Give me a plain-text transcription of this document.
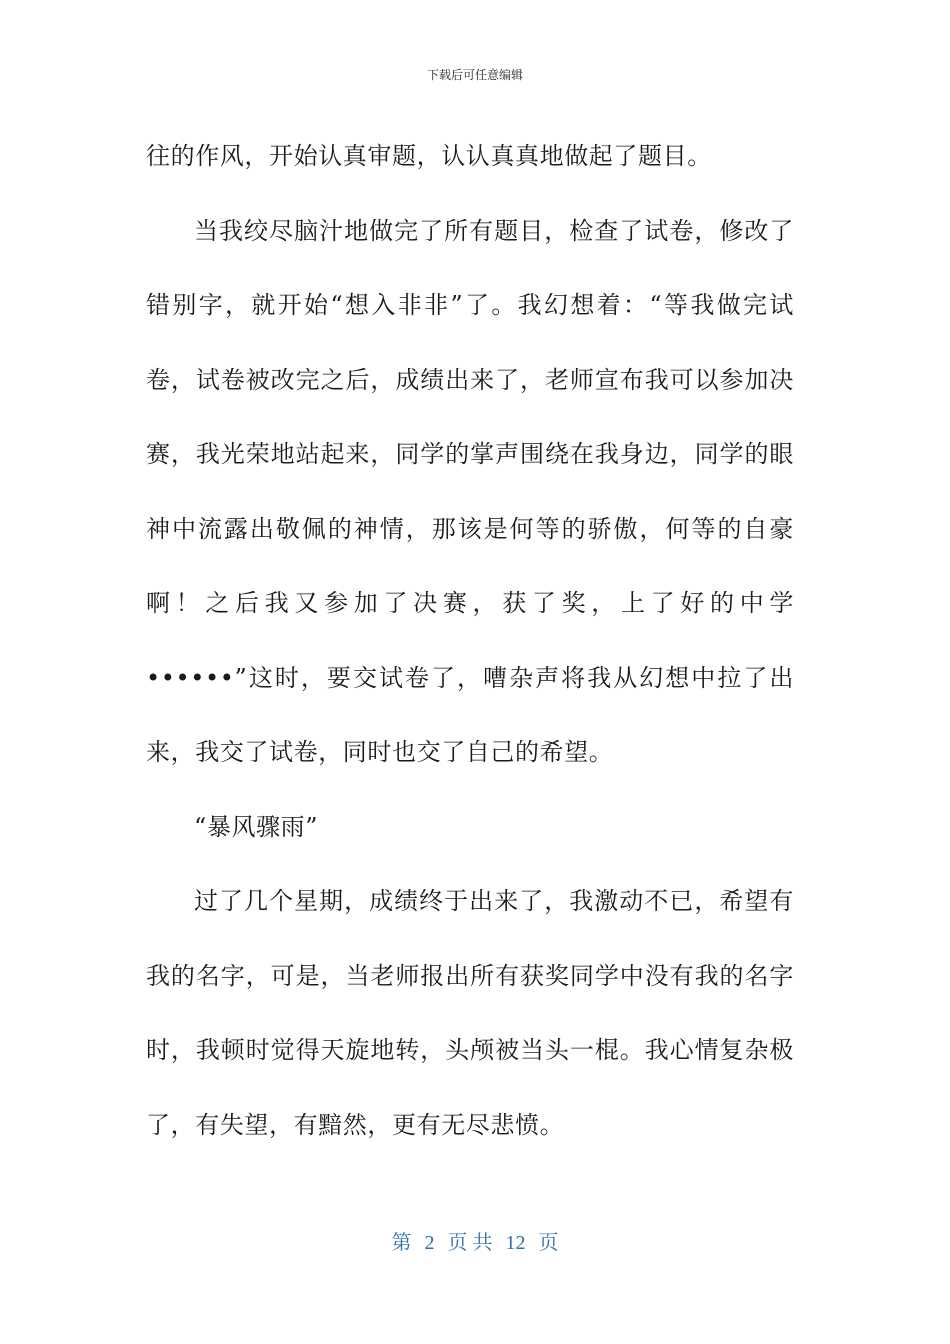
下载后可任意编辑

往的作风，开始认真审题，认认真真地做起了题目。

当我绞尽脑汁地做完了所有题目，检查了试卷，修改了错别字，就开始“想入非非”了。我幻想着：“等我做完试卷，试卷被改完之后，成绩出来了，老师宣布我可以参加决赛，我光荣地站起来，同学的掌声围绕在我身边，同学的眼神中流露出敬佩的神情，那该是何等的骄傲，何等的自豪啊！之后我又参加了决赛，获了奖，上了好的中学••••••”这时，要交试卷了，嘈杂声将我从幻想中拉了出来，我交了试卷，同时也交了自己的希望。

“暴风骤雨”

过了几个星期，成绩终于出来了，我激动不已，希望有我的名字，可是，当老师报出所有获奖同学中没有我的名字时，我顿时觉得天旋地转，头颅被当头一棍。我心情复杂极了，有失望，有黯然，更有无尽悲愤。

第 2 页 共 12 页
